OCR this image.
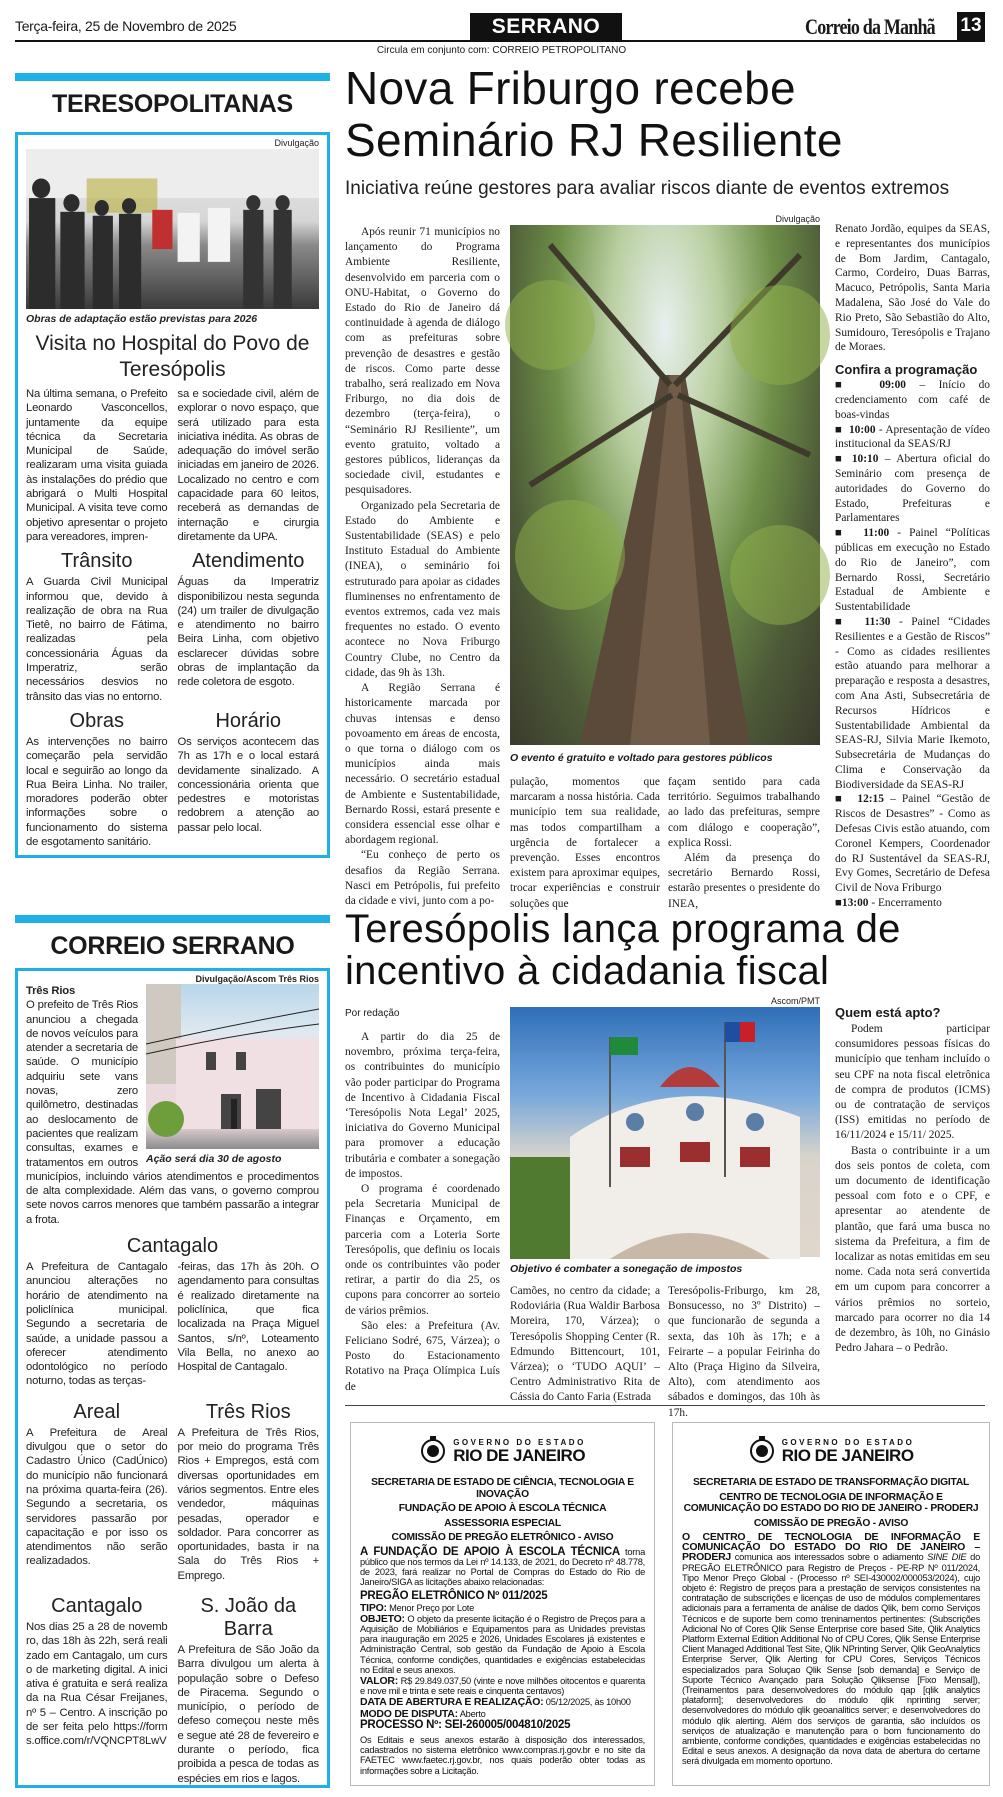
Terça-feira, 25 de Novembro de 2025	SERRANO	Correio da Manhã 13
Circula em conjunto com: CORREIO PETROPOLITANO
TERESOPOLITANAS
Divulgação
Obras de adaptação estão previstas para 2026
Visita no Hospital do Povo de Teresópolis

Na última semana, o Prefeito Leonardo Vasconcellos, juntamente da equipe técnica da Secretaria Municipal de Saúde, realizaram uma visita guiada às instalações do prédio que abrigará o Multi Hospital Municipal. A visita teve como objetivo apresentar o projeto para vereadores, impren-

sa e sociedade civil, além de explorar o novo espaço, que será utilizado para esta iniciativa inédita. As obras de adequação do imóvel serão iniciadas em janeiro de 2026. Localizado no centro e com capacidade para 60 leitos, receberá as demandas de internação e cirurgia diretamente da UPA.

Trânsito

A Guarda Civil Municipal informou que, devido à realização de obra na Rua Tietê, no bairro de Fátima, realizadas pela concessionária Águas da Imperatriz, serão necessários desvios no trânsito das vias no entorno.

Atendimento

Águas da Imperatriz disponibilizou nesta segunda (24) um trailer de divulgação e atendimento no bairro Beira Linha, com objetivo esclarecer dúvidas sobre obras de implantação da rede coletora de esgoto.

Obras

As intervenções no bairro começarão pela servidão local e seguirão ao longo da Rua Beira Linha. No trailer, moradores poderão obter informações sobre o funcionamento do sistema de esgotamento sanitário.

Horário

Os serviços acontecem das 7h as 17h e o local estará devidamente sinalizado. A concessionária orienta que pedestres e motoristas redobrem a atenção ao passar pelo local.

Nova Friburgo recebe Seminário RJ Resiliente
Iniciativa reúne gestores para avaliar riscos diante de eventos extremos

Após reunir 71 municípios no lançamento do Programa Ambiente Resiliente, desenvolvido em parceria com o ONU-Habitat, o Governo do Estado do Rio de Janeiro dá continuidade à agenda de diálogo com as prefeituras sobre prevenção de desastres e gestão de riscos. Como parte desse trabalho, será realizado em Nova Friburgo, no dia dois de dezembro (terça-feira), o “Seminário RJ Resiliente”, um evento gratuito, voltado a gestores públicos, lideranças da sociedade civil, estudantes e pesquisadores.

Organizado pela Secretaria de Estado do Ambiente e Sustentabilidade (SEAS) e pelo Instituto Estadual do Ambiente (INEA), o seminário foi estruturado para apoiar as cidades fluminenses no enfrentamento de eventos extremos, cada vez mais frequentes no estado. O evento acontece no Nova Friburgo Country Clube, no Centro da cidade, das 9h às 13h.

A Região Serrana é historicamente marcada por chuvas intensas e denso povoamento em áreas de encosta, o que torna o diálogo com os municípios ainda mais necessário. O secretário estadual de Ambiente e Sustentabilidade, Bernardo Rossi, estará presente e considera essencial esse olhar e abordagem regional.

“Eu conheço de perto os desafios da Região Serrana. Nasci em Petrópolis, fui prefeito da cidade e vivi, junto com a po-

Divulgação
O evento é gratuito e voltado para gestores públicos

pulação, momentos que marcaram a nossa história. Cada município tem sua realidade, mas todos compartilham a urgência de fortalecer a prevenção. Esses encontros existem para aproximar equipes, trocar experiências e construir soluções que

façam sentido para cada território. Seguimos trabalhando ao lado das prefeituras, sempre com diálogo e cooperação”, explica Rossi.

Além da presença do secretário Bernardo Rossi, estarão presentes o presidente do INEA,

Renato Jordão, equipes da SEAS, e representantes dos municípios de Bom Jardim, Cantagalo, Carmo, Cordeiro, Duas Barras, Macuco, Petrópolis, Santa Maria Madalena, São José do Vale do Rio Preto, São Sebastião do Alto, Sumidouro, Teresópolis e Trajano de Moraes.

Confira a programação

■  09:00 – Início do credenciamento com café de boas-vindas

■  10:00 - Apresentação de vídeo institucional da SEAS/RJ

■ 10:10 – Abertura oficial do Seminário com presença de autoridades do Governo do Estado, Prefeituras e Parlamentares

■  11:00 - Painel “Políticas públicas em execução no Estado do Rio de Janeiro”, com Bernardo Rossi, Secretário Estadual de Ambiente e Sustentabilidade

■  11:30 - Painel “Cidades Resilientes e a Gestão de Riscos” - Como as cidades resilientes estão atuando para melhorar a preparação e resposta a desastres, com Ana Asti, Subsecretária de Recursos Hídricos e Sustentabilidade Ambiental da SEAS-RJ, Silvia Marie Ikemoto, Subsecretária de Mudanças do Clima e Conservação da Biodiversidade da SEAS-RJ

■  12:15 – Painel “Gestão de Riscos de Desastres” - Como as Defesas Civis estão atuando, com Coronel Kempers, Coordenador do RJ Sustentável da SEAS-RJ, Evy Gomes, Secretário de Defesa Civil de Nova Friburgo

■13:00 - Encerramento

CORREIO SERRANO
Divulgação/Ascom Três Rios
Ação será dia 30 de agosto
Três Rios

O prefeito de Três Rios anunciou a chegada de novos veículos para atender a secretaria de saúde. O município adquiriu sete vans novas, zero quilômetro, destinadas ao deslocamento de pacientes que realizam consultas, exames e tratamentos em outros municípios, incluindo vários atendimentos e procedimentos de alta complexidade. Além das vans, o governo comprou sete novos carros menores que também passarão a integrar a frota.

Cantagalo

A Prefeitura de Cantagalo anunciou alterações no horário de atendimento na policlínica municipal. Segundo a secretaria de saúde, a unidade passou a oferecer atendimento odontológico no período noturno, todas as terças-

-feiras, das 17h às 20h. O agendamento para consultas é realizado diretamente na policlínica, que fica localizada na Praça Miguel Santos, s/nº, Loteamento Vila Bella, no anexo ao Hospital de Cantagalo.

Areal

A Prefeitura de Areal divulgou que o setor do Cadastro Único (CadÚnico) do município não funcionará na próxima quarta-feira (26). Segundo a secretaria, os servidores passarão por capacitação e por isso os atendimentos não serão realizadados.

Três Rios

A Prefeitura de Três Rios, por meio do programa Três Rios + Empregos, está com diversas oportunidades em vários segmentos. Entre eles vendedor, máquinas pesadas, operador e soldador. Para concorrer as oportunidades, basta ir na Sala do Três Rios + Emprego.

Cantagalo

Nos dias 25 a 28 de novembro, das 18h às 22h, será realizado em Cantagalo, um curso de marketing digital. A iniciativa é gratuita e será realizada na Rua César Freijanes, nº 5 – Centro. A inscrição pode ser feita pelo https://forms.office.com/r/VQNCPT8LwV

S. João da Barra

A Prefeitura de São João da Barra divulgou um alerta à população sobre o Defeso de Piracema. Segundo o município, o período de defeso começou neste mês e segue até 28 de fevereiro e durante o período, fica proibida a pesca de todas as espécies em rios e lagos.

Teresópolis lança programa de incentivo à cidadania fiscal
Por redação

A partir do dia 25 de novembro, próxima terça-feira, os contribuintes do município vão poder participar do Programa de Incentivo à Cidadania Fiscal ‘Teresópolis Nota Legal’ 2025, iniciativa do Governo Municipal para promover a educação tributária e combater a sonegação de impostos.

O programa é coordenado pela Secretaria Municipal de Finanças e Orçamento, em parceria com a Loteria Sorte Teresópolis, que definiu os locais onde os contribuintes vão poder retirar, a partir do dia 25, os cupons para concorrer ao sorteio de vários prêmios.

São eles: a Prefeitura (Av. Feliciano Sodré, 675, Várzea); o Posto do Estacionamento Rotativo na Praça Olímpica Luís de

Ascom/PMT
Objetivo é combater a sonegação de impostos

Camões, no centro da cidade; a Rodoviária (Rua Waldir Barbosa Moreira, 170, Várzea); o Teresópolis Shopping Center (R. Edmundo Bittencourt, 101, Várzea); o ‘TUDO AQUI’ – Centro Administrativo Rita de Cássia do Canto Faria (Estrada

Teresópolis-Friburgo, km 28, Bonsucesso, no 3º Distrito) – que funcionarão de segunda a sexta, das 10h às 17h; e a Feirarte – a popular Feirinha do Alto (Praça Higino da Silveira, Alto), com atendimento aos sábados e domingos, das 10h às 17h.

Quem está apto?

Podem participar consumidores pessoas físicas do município que tenham incluído o seu CPF na nota fiscal eletrônica de compra de produtos (ICMS) ou de contratação de serviços (ISS) emitidas no período de 16/11/2024 e 15/11/ 2025.

Basta o contribuinte ir a um dos seis pontos de coleta, com um documento de identificação pessoal com foto e o CPF, e apresentar ao atendente de plantão, que fará uma busca no sistema da Prefeitura, a fim de localizar as notas emitidas em seu nome. Cada nota será convertida em um cupom para concorrer a vários prêmios no sorteio, marcado para ocorrer no dia 14 de dezembro, às 10h, no Ginásio Pedro Jahara – o Pedrão.

GOVERNO DO ESTADO
RIO DE JANEIRO
SECRETARIA DE ESTADO DE CIÊNCIA, TECNOLOGIA E INOVAÇÃO
FUNDAÇÃO DE APOIO À ESCOLA TÉCNICA
ASSESSORIA ESPECIAL
COMISSÃO DE PREGÃO ELETRÔNICO - AVISO

A FUNDAÇÃO DE APOIO À ESCOLA TÉCNICA torna público que nos termos da Lei nº 14.133, de 2021, do Decreto nº 48.778, de 2023, fará realizar no Portal de Compras do Estado do Rio de Janeiro/SIGA as licitações abaixo relacionadas:

PREGÃO ELETRÔNICO Nº 011/2025

TIPO: Menor Preço por Lote

OBJETO: O objeto da presente licitação é o Registro de Preços para a Aquisição de Mobiliários e Equipamentos para as Unidades previstas para inauguração em 2025 e 2026, Unidades Escolares já existentes e Administração Central, sob gestão da Fundação de Apoio à Escola Técnica, conforme condições, quantidades e exigências estabelecidas no Edital e seus anexos.

VALOR: R$ 29.849.037,50 (vinte e nove milhões oitocentos e quarenta e nove mil e trinta e sete reais e cinquenta centavos)

DATA DE ABERTURA E REALIZAÇÃO: 05/12/2025, às 10h00

MODO DE DISPUTA: Aberto

PROCESSO Nº: SEI-260005/004810/2025

Os Editais e seus anexos estarão à disposição dos interessados, cadastrados no sistema eletrônico www.compras.rj.gov.br e no site da FAETEC www.faetec.rj.gov.br, nos quais poderão obter todas as informações sobre a Licitação.

GOVERNO DO ESTADO
RIO DE JANEIRO
SECRETARIA DE ESTADO DE TRANSFORMAÇÃO DIGITAL
CENTRO DE TECNOLOGIA DE INFORMAÇÃO E COMUNICAÇÃO DO ESTADO DO RIO DE JANEIRO - PRODERJ
COMISSÃO DE PREGÃO - AVISO

O CENTRO DE TECNOLOGIA DE INFORMAÇÃO E COMUNICAÇÃO DO ESTADO DO RIO DE JANEIRO – PRODERJ comunica aos interessados sobre o adiamento SINE DIE do PREGÃO ELETRÔNICO para Registro de Preços - PE-RP Nº 011/2024, Tipo Menor Preço Global - (Processo nº SEI-430002/000053/2024), cujo objeto é: Registro de preços para a prestação de serviços consistentes na contratação de subscrições e licenças de uso de módulos complementares adicionais para a ferramenta de análise de dados Qlik, bem como Serviços Técnicos e de suporte bem como treninamentos pertinentes: (Subscrições Adicional No of Cores Qlik Sense Enterprise core based Site, Qlik Analytics Platform External Edition Additional No of CPU Cores, Qlik Sense Enterprise Client Managed Additional Test Site, Qlik NPrinting Server, Qlik GeoAnalytics Enterprise Server, Qlik Alerting for CPU Cores, Serviços Técnicos especializados para Soluçao Qlik Sense [sob demanda] e Serviço de Suporte Técnico Avançado para Solução Qliksense [Fixo Mensal]), (Treinamentos para desenvolvedores do módulo qap [qlik analytics plataform]; desenvolvedores do módulo qlik nprinting server; desenvolvedores do módulo qlik geoanalitics server; e desenvolvedores do módulo qlik alerting. Além dos serviços de garantia, são incluídos os serviços de atualização e manutenção para o bom funcionamento do ambiente, conforme condições, quantidades e exigências estabelecidas no Edital e seus anexos. A designação da nova data de abertura do certame será divulgada em momento oportuno.
